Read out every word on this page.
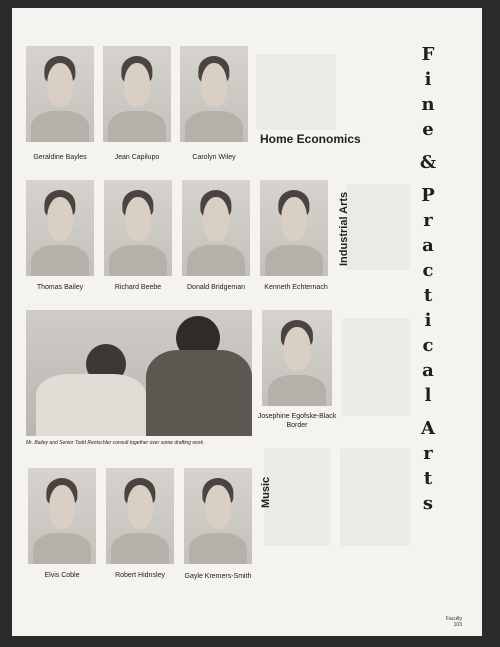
Geraldine Bayles	Jean Capilupo	Carolyn Wiley
Home Economics
Thomas Bailey	Richard Beebe	Donald Bridgeman	Kenneth Echternach
Industrial Arts
Mr. Bailey and Senior Todd Rentschler consult together over some drafting work.
Josephine Egofske-Black Border
Elvis Coble	Robert Hidnsley	Gayle Kremers-Smith
Music
F
i
n
e
&
P
r
a
c
t
i
c
a
l
A
r
t
s
Faculty
103
